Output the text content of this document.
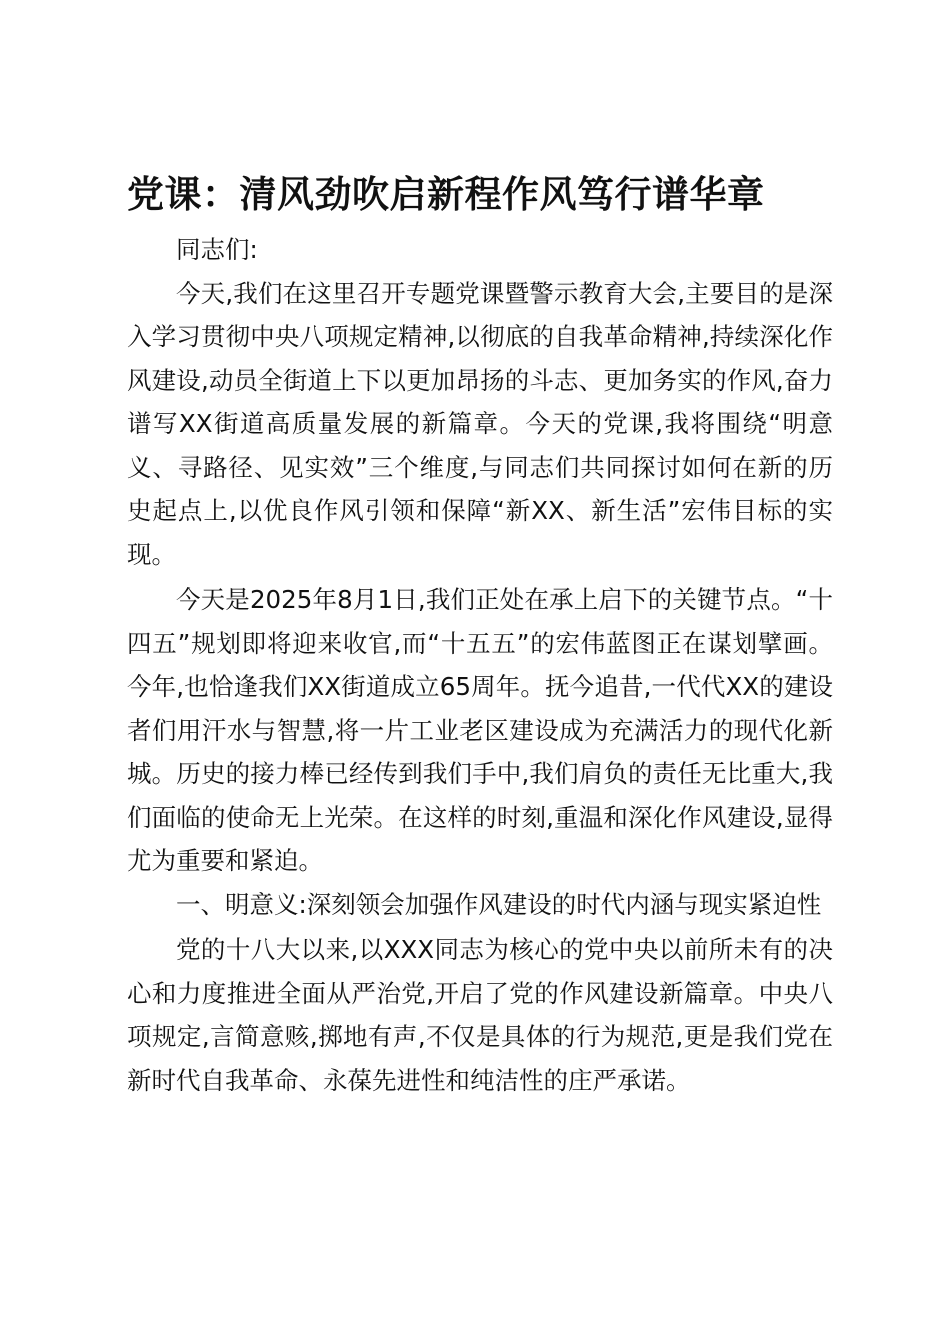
党课：清风劲吹启新程作风笃行谱华章

同志们:

今天,我们在这里召开专题党课暨警示教育大会,主要目的是深入学习贯彻中央八项规定精神,以彻底的自我革命精神,持续深化作风建设,动员全街道上下以更加昂扬的斗志、更加务实的作风,奋力谱写XX街道高质量发展的新篇章。今天的党课,我将围绕“明意义、寻路径、见实效”三个维度,与同志们共同探讨如何在新的历史起点上,以优良作风引领和保障“新XX、新生活”宏伟目标的实现。

今天是2025年8月1日,我们正处在承上启下的关键节点。“十四五”规划即将迎来收官,而“十五五”的宏伟蓝图正在谋划擘画。今年,也恰逢我们XX街道成立65周年。抚今追昔,一代代XX的建设者们用汗水与智慧,将一片工业老区建设成为充满活力的现代化新城。历史的接力棒已经传到我们手中,我们肩负的责任无比重大,我们面临的使命无上光荣。在这样的时刻,重温和深化作风建设,显得尤为重要和紧迫。

一、明意义:深刻领会加强作风建设的时代内涵与现实紧迫性

党的十八大以来,以XXX同志为核心的党中央以前所未有的决心和力度推进全面从严治党,开启了党的作风建设新篇章。中央八项规定,言简意赅,掷地有声,不仅是具体的行为规范,更是我们党在新时代自我革命、永葆先进性和纯洁性的庄严承诺。
